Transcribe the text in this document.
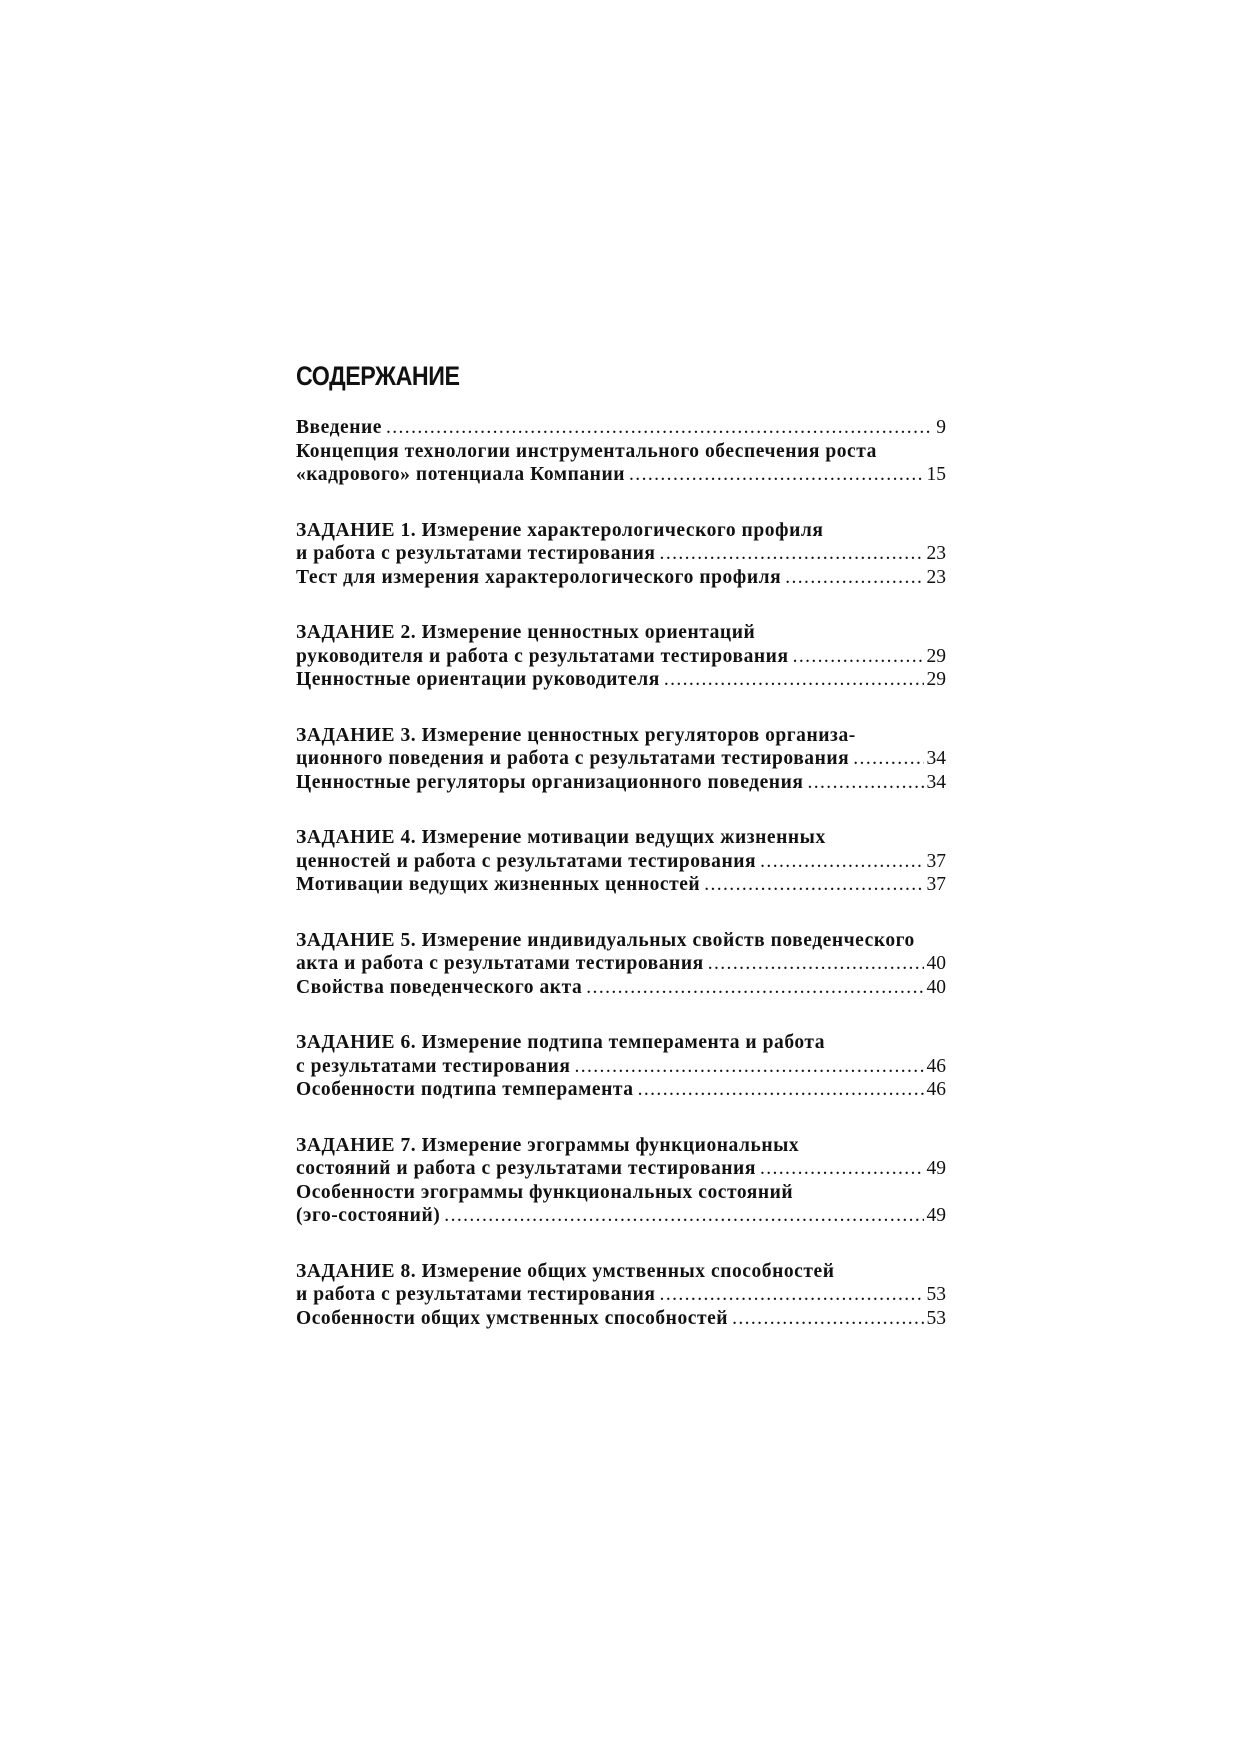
СОДЕРЖАНИЕ
Введение .....	9
Концепция технологии инструментального обеспечения роста
«кадрового» потенциала Компании .....	15
ЗАДАНИЕ 1. Измерение характерологического профиля
и работа с результатами тестирования .....	23
Тест для измерения характерологического профиля .....	23
ЗАДАНИЕ 2. Измерение ценностных ориентаций
руководителя и работа с результатами тестирования .....	29
Ценностные ориентации руководителя .....	29
ЗАДАНИЕ 3. Измерение ценностных регуляторов организа-
ционного поведения и работа с результатами тестирования .....	34
Ценностные регуляторы организационного поведения .....	34
ЗАДАНИЕ 4. Измерение мотивации ведущих жизненных
ценностей и работа с результатами тестирования .....	37
Мотивации ведущих жизненных ценностей .....	37
ЗАДАНИЕ 5. Измерение индивидуальных свойств поведенческого
акта и работа с результатами тестирования .....	40
Свойства поведенческого акта .....	40
ЗАДАНИЕ 6. Измерение подтипа темперамента и работа
с результатами тестирования .....	46
Особенности подтипа темперамента .....	46
ЗАДАНИЕ 7. Измерение эгограммы функциональных
состояний и работа с результатами тестирования .....	49
Особенности эгограммы функциональных состояний
(эго-состояний) .....	49
ЗАДАНИЕ 8. Измерение общих умственных способностей
и работа с результатами тестирования .....	53
Особенности общих умственных способностей .....	53
